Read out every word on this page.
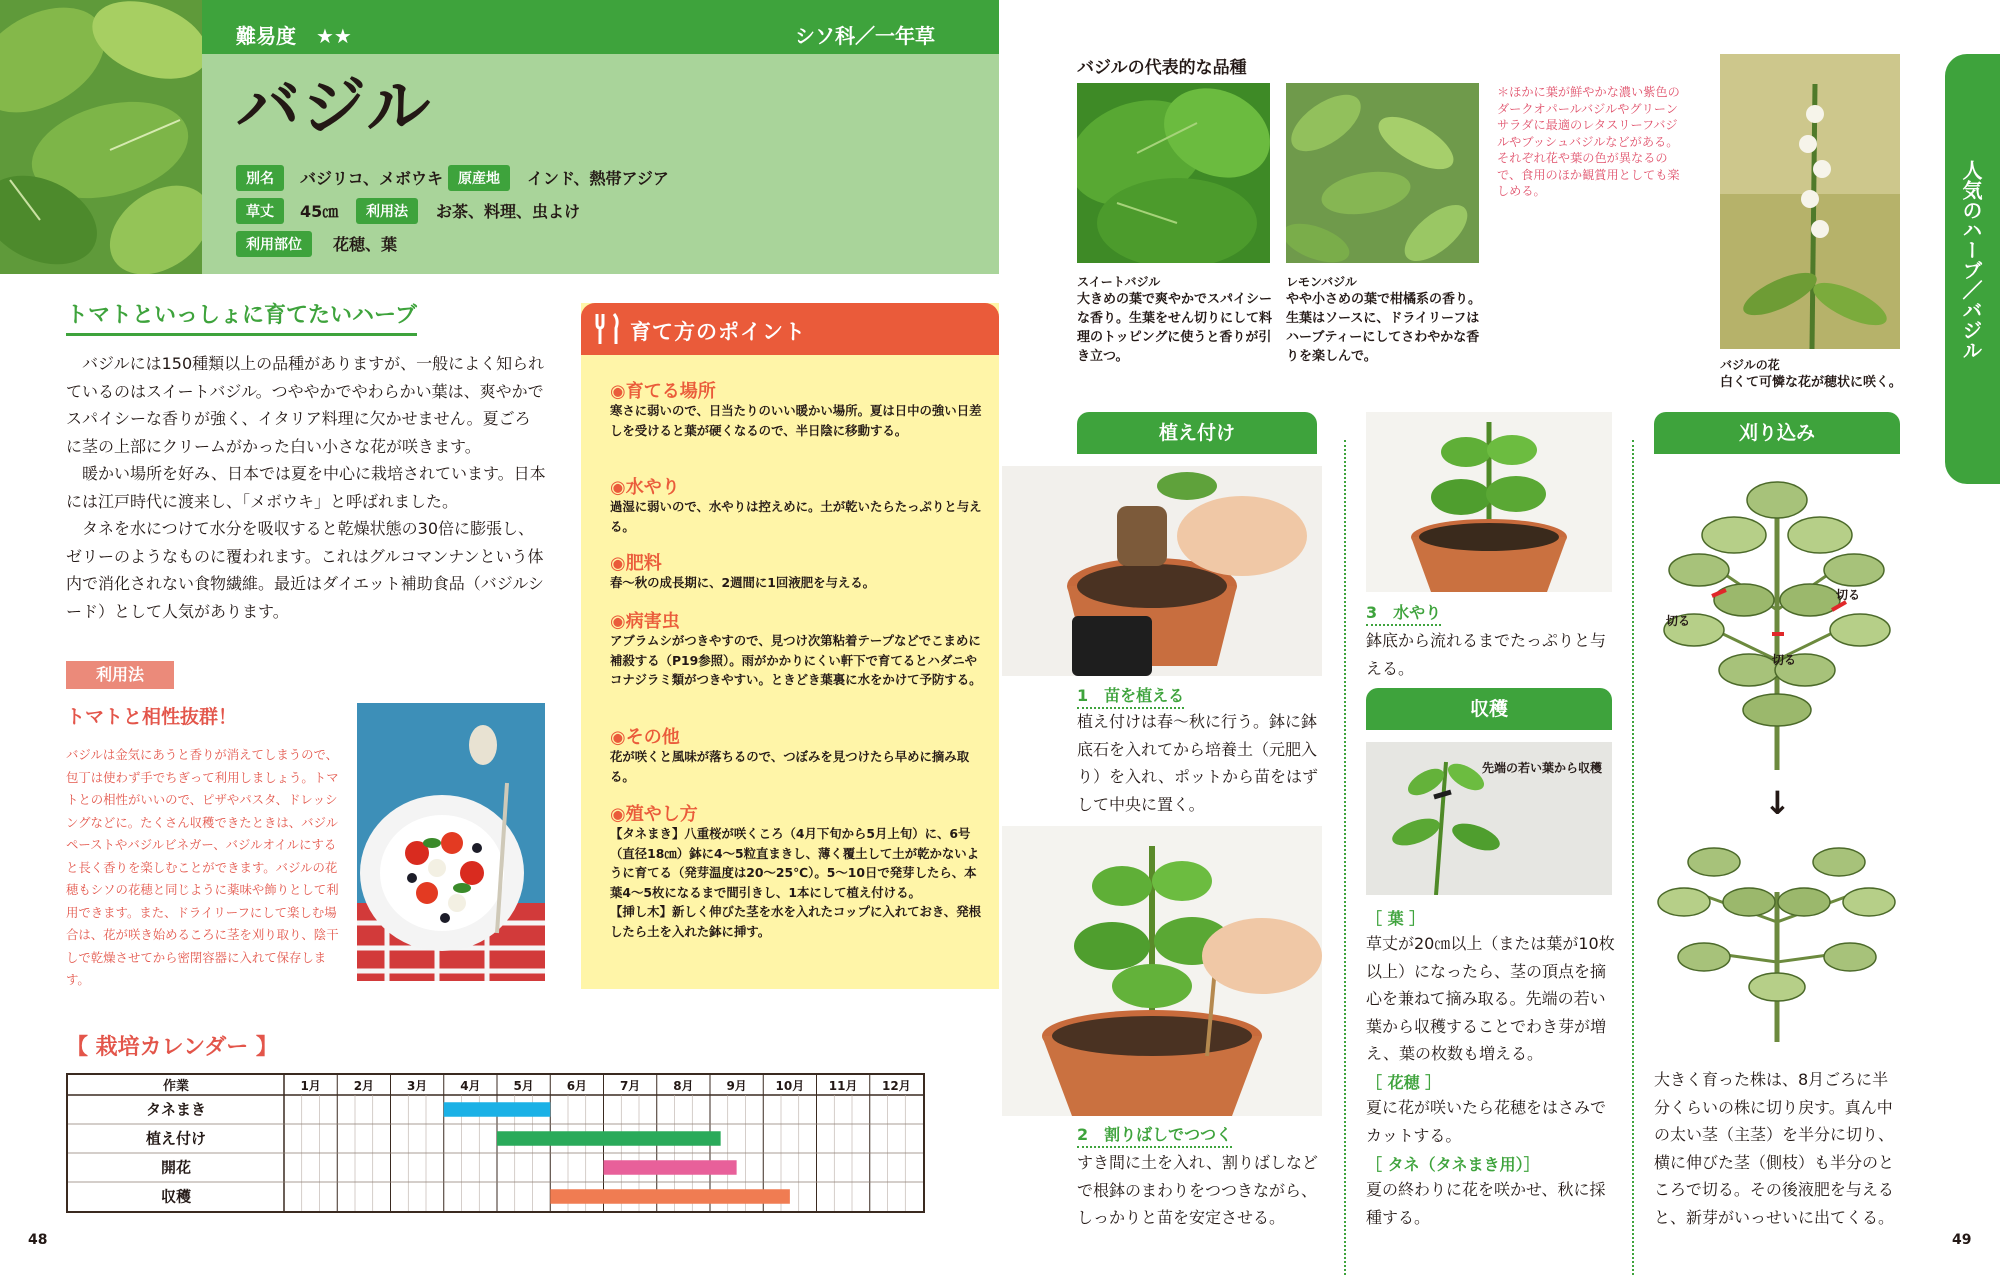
難易度　★★	シソ科／一年草
バジル
別名	バジリコ、メボウキ	原産地	インド、熱帯アジア
草丈	45㎝	利用法	お茶、料理、虫よけ
利用部位	花穂、葉
トマトといっしょに育てたいハーブ
　バジルには150種類以上の品種がありますが、一般によく知られているのはスイートバジル。つややかでやわらかい葉は、爽やかでスパイシーな香りが強く、イタリア料理に欠かせません。夏ごろに茎の上部にクリームがかった白い小さな花が咲きます。
　暖かい場所を好み、日本では夏を中心に栽培されています。日本には江戸時代に渡来し、「メボウキ」と呼ばれました。
　タネを水につけて水分を吸収すると乾燥状態の30倍に膨張し、ゼリーのようなものに覆われます。これはグルコマンナンという体内で消化されない食物繊維。最近はダイエット補助食品（バジルシード）として人気があります。
利用法
トマトと相性抜群！
バジルは金気にあうと香りが消えてしまうので、包丁は使わず手でちぎって利用しましょう。トマトとの相性がいいので、ピザやパスタ、ドレッシングなどに。たくさん収穫できたときは、バジルペーストやバジルビネガー、バジルオイルにすると長く香りを楽しむことができます。バジルの花穂もシソの花穂と同じように薬味や飾りとして利用できます。また、ドライリーフにして楽しむ場合は、花が咲き始めるころに茎を刈り取り、陰干しで乾燥させてから密閉容器に入れて保存します。
育て方のポイント
◉育てる場所
寒さに弱いので、日当たりのいい暖かい場所。夏は日中の強い日差しを受けると葉が硬くなるので、半日陰に移動する。
◉水やり
過湿に弱いので、水やりは控えめに。土が乾いたらたっぷりと与える。
◉肥料
春〜秋の成長期に、2週間に1回液肥を与える。
◉病害虫
アブラムシがつきやすので、見つけ次第粘着テープなどでこまめに補殺する（P19参照）。雨がかかりにくい軒下で育てるとハダニやコナジラミ類がつきやすい。ときどき葉裏に水をかけて予防する。
◉その他
花が咲くと風味が落ちるので、つぼみを見つけたら早めに摘み取る。
◉殖やし方
【タネまき】八重桜が咲くころ（4月下旬から5月上旬）に、6号（直径18㎝）鉢に4〜5粒直まきし、薄く覆土して土が乾かないように育てる（発芽温度は20〜25℃）。5〜10日で発芽したら、本葉4〜5枚になるまで間引きし、1本にして植え付ける。
【挿し木】新しく伸びた茎を水を入れたコップに入れておき、発根したら土を入れた鉢に挿す。
【 栽培カレンダー 】
作業	1月	2月	3月	4月	5月	6月	7月	8月	9月 10月 11月 12月
タネまき
植え付け
開花
収穫
バジルの代表的な品種
スイートバジル
大きめの葉で爽やかでスパイシーな香り。生葉をせん切りにして料理のトッピングに使うと香りが引き立つ。
レモンバジル
やや小さめの葉で柑橘系の香り。生葉はソースに、ドライリーフはハーブティーにしてさわやかな香りを楽しんで。
＊ほかに葉が鮮やかな濃い紫色のダークオパールバジルやグリーンサラダに最適のレタスリーフバジルやブッシュバジルなどがある。それぞれ花や葉の色が異なるので、食用のほか観賞用としても楽しめる。
バジルの花
白くて可憐な花が穂状に咲く。
人気のハーブ／バジル
植え付け
1　苗を植える
植え付けは春〜秋に行う。鉢に鉢底石を入れてから培養土（元肥入り）を入れ、ポットから苗をはずして中央に置く。
2　割りばしでつつく
すき間に土を入れ、割りばしなどで根鉢のまわりをつつきながら、しっかりと苗を安定させる。
3　水やり
鉢底から流れるまでたっぷりと与える。
収穫
先端の若い葉から収穫
［ 葉 ］
草丈が20㎝以上（または葉が10枚以上）になったら、茎の頂点を摘心を兼ねて摘み取る。先端の若い葉から収穫することでわき芽が増え、葉の枚数も増える。
［ 花穂 ］
夏に花が咲いたら花穂をはさみでカットする。
［ タネ（タネまき用）］
夏の終わりに花を咲かせ、秋に採種する。
刈り込み
切る
切る
切る
↓
大きく育った株は、8月ごろに半分くらいの株に切り戻す。真ん中の太い茎（主茎）を半分に切り、横に伸びた茎（側枝）も半分のところで切る。その後液肥を与えると、新芽がいっせいに出てくる。
48	49
